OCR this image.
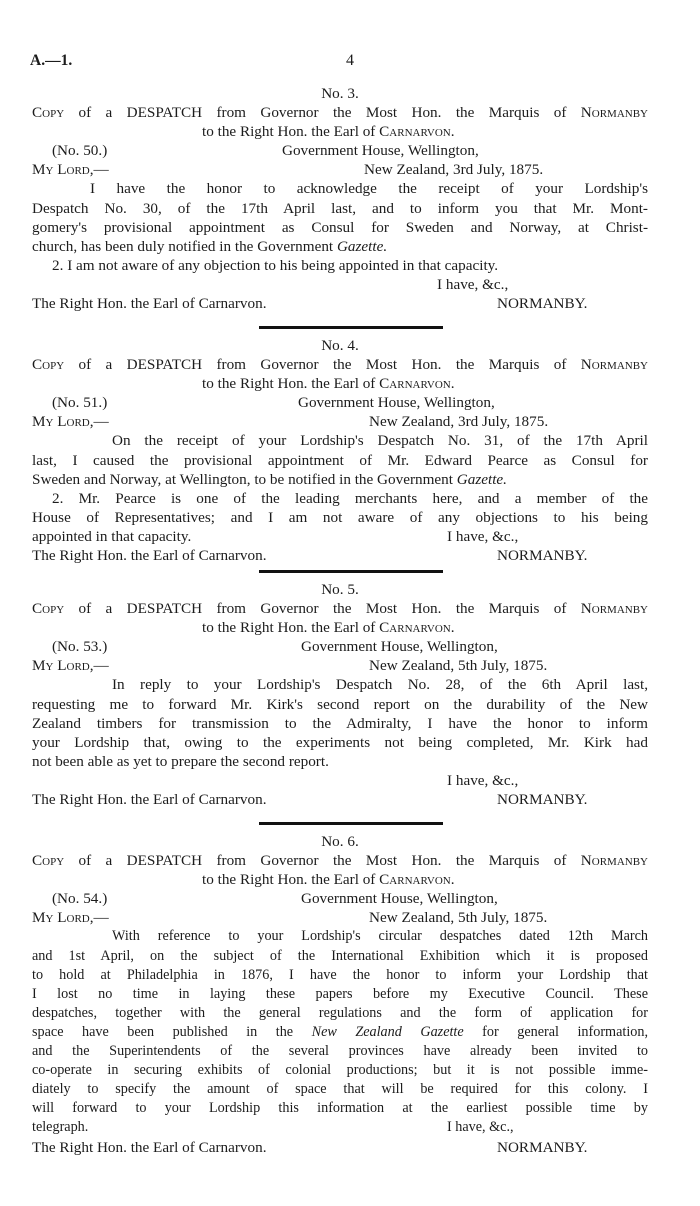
A.—1.	4
No. 3.
Copy of a DESPATCH from Governor the Most Hon. the Marquis of Normanby
to the Right Hon. the Earl of Carnarvon.
(No. 50.)	Government House, Wellington,
My Lord,—	New Zealand, 3rd July, 1875.
I have the honor to acknowledge the receipt of your Lordship's
Despatch No. 30, of the 17th April last, and to inform you that Mr. Mont-
gomery's provisional appointment as Consul for Sweden and Norway, at Christ-
church, has been duly notified in the Government Gazette.
2. I am not aware of any objection to his being appointed in that capacity.
I have, &c.,
The Right Hon. the Earl of Carnarvon.	NORMANBY.
No. 4.
Copy of a DESPATCH from Governor the Most Hon. the Marquis of Normanby
to the Right Hon. the Earl of Carnarvon.
(No. 51.)	Government House, Wellington,
My Lord,—	New Zealand, 3rd July, 1875.
On the receipt of your Lordship's Despatch No. 31, of the 17th April
last, I caused the provisional appointment of Mr. Edward Pearce as Consul for
Sweden and Norway, at Wellington, to be notified in the Government Gazette.
2. Mr. Pearce is one of the leading merchants here, and a member of the
House of Representatives; and I am not aware of any objections to his being
appointed in that capacity.	I have, &c.,
The Right Hon. the Earl of Carnarvon.	NORMANBY.
No. 5.
Copy of a DESPATCH from Governor the Most Hon. the Marquis of Normanby
to the Right Hon. the Earl of Carnarvon.
(No. 53.)	Government House, Wellington,
My Lord,—	New Zealand, 5th July, 1875.
In reply to your Lordship's Despatch No. 28, of the 6th April last,
requesting me to forward Mr. Kirk's second report on the durability of the New
Zealand timbers for transmission to the Admiralty, I have the honor to inform
your Lordship that, owing to the experiments not being completed, Mr. Kirk had
not been able as yet to prepare the second report.
I have, &c.,
The Right Hon. the Earl of Carnarvon.	NORMANBY.
No. 6.
Copy of a DESPATCH from Governor the Most Hon. the Marquis of Normanby
to the Right Hon. the Earl of Carnarvon.
(No. 54.)	Government House, Wellington,
My Lord,—	New Zealand, 5th July, 1875.
With reference to your Lordship's circular despatches dated 12th March
and 1st April, on the subject of the International Exhibition which it is proposed
to hold at Philadelphia in 1876, I have the honor to inform your Lordship that
I lost no time in laying these papers before my Executive Council. These
despatches, together with the general regulations and the form of application for
space have been published in the New Zealand Gazette for general information,
and the Superintendents of the several provinces have already been invited to
co-operate in securing exhibits of colonial productions; but it is not possible imme-
diately to specify the amount of space that will be required for this colony. I
will forward to your Lordship this information at the earliest possible time by
telegraph.	I have, &c.,
The Right Hon. the Earl of Carnarvon.	NORMANBY.
